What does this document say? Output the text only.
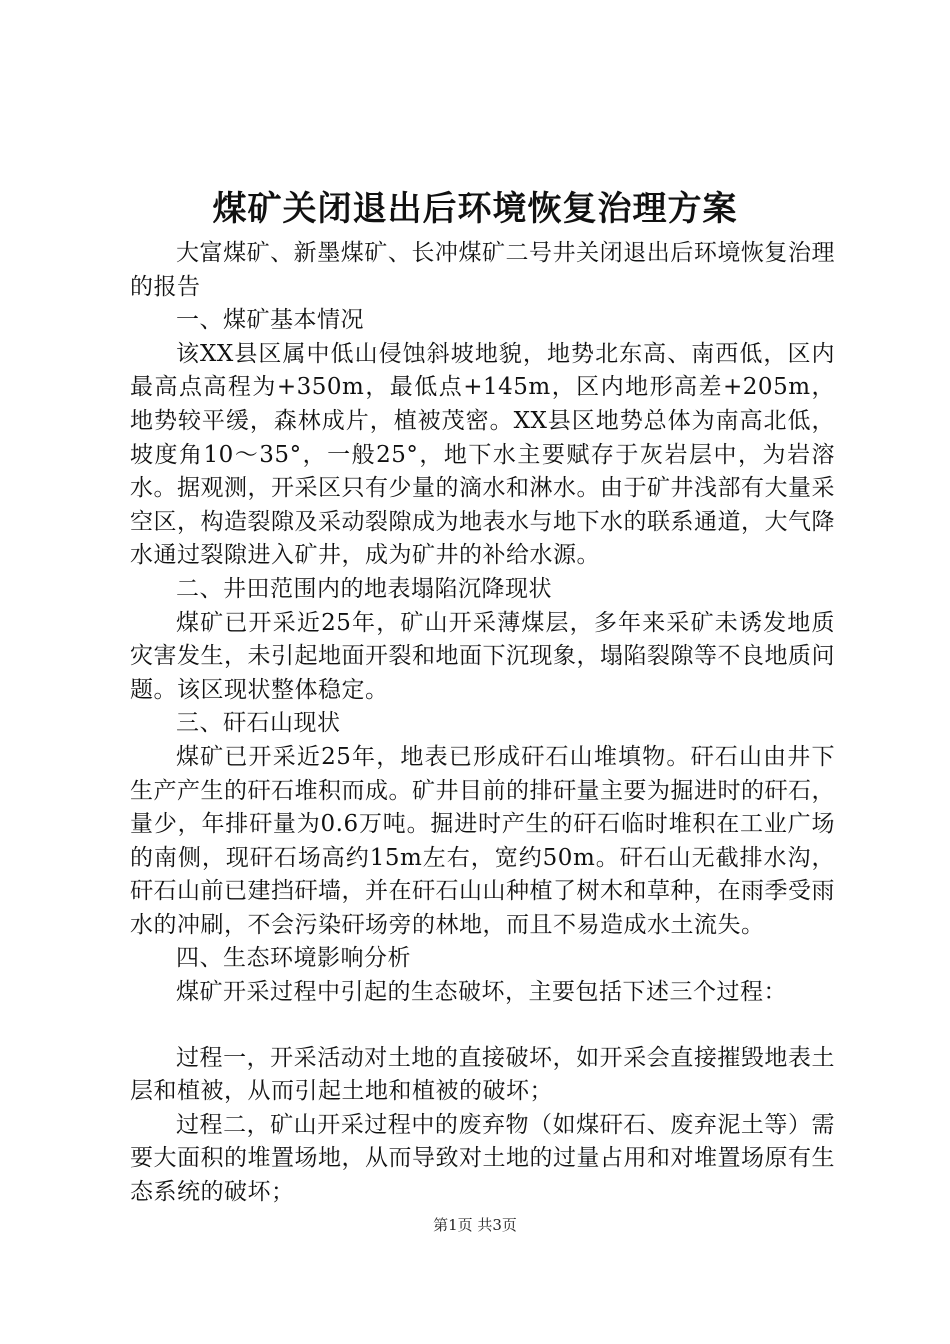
煤矿关闭退出后环境恢复治理方案

大富煤矿、新墨煤矿、长冲煤矿二号井关闭退出后环境恢复治理的报告

一、煤矿基本情况

该XX县区属中低山侵蚀斜坡地貌，地势北东高、南西低，区内最高点高程为+350m，最低点+145m，区内地形高差+205m，地势较平缓，森林成片，植被茂密。XX县区地势总体为南高北低，坡度角10～35°，一般25°，地下水主要赋存于灰岩层中，为岩溶水。据观测，开采区只有少量的滴水和淋水。由于矿井浅部有大量采空区，构造裂隙及采动裂隙成为地表水与地下水的联系通道，大气降水通过裂隙进入矿井，成为矿井的补给水源。

二、井田范围内的地表塌陷沉降现状

煤矿已开采近25年，矿山开采薄煤层，多年来采矿未诱发地质灾害发生，未引起地面开裂和地面下沉现象，塌陷裂隙等不良地质问题。该区现状整体稳定。

三、矸石山现状

煤矿已开采近25年，地表已形成矸石山堆填物。矸石山由井下生产产生的矸石堆积而成。矿井目前的排矸量主要为掘进时的矸石，量少，年排矸量为0.6万吨。掘进时产生的矸石临时堆积在工业广场的南侧，现矸石场高约15m左右，宽约50m。矸石山无截排水沟，矸石山前已建挡矸墙，并在矸石山山种植了树木和草种，在雨季受雨水的冲刷，不会污染矸场旁的林地，而且不易造成水土流失。

四、生态环境影响分析

煤矿开采过程中引起的生态破坏，主要包括下述三个过程：

过程一，开采活动对土地的直接破坏，如开采会直接摧毁地表土层和植被，从而引起土地和植被的破坏；

过程二，矿山开采过程中的废弃物（如煤矸石、废弃泥土等）需要大面积的堆置场地，从而导致对土地的过量占用和对堆置场原有生态系统的破坏；

第1页 共3页
